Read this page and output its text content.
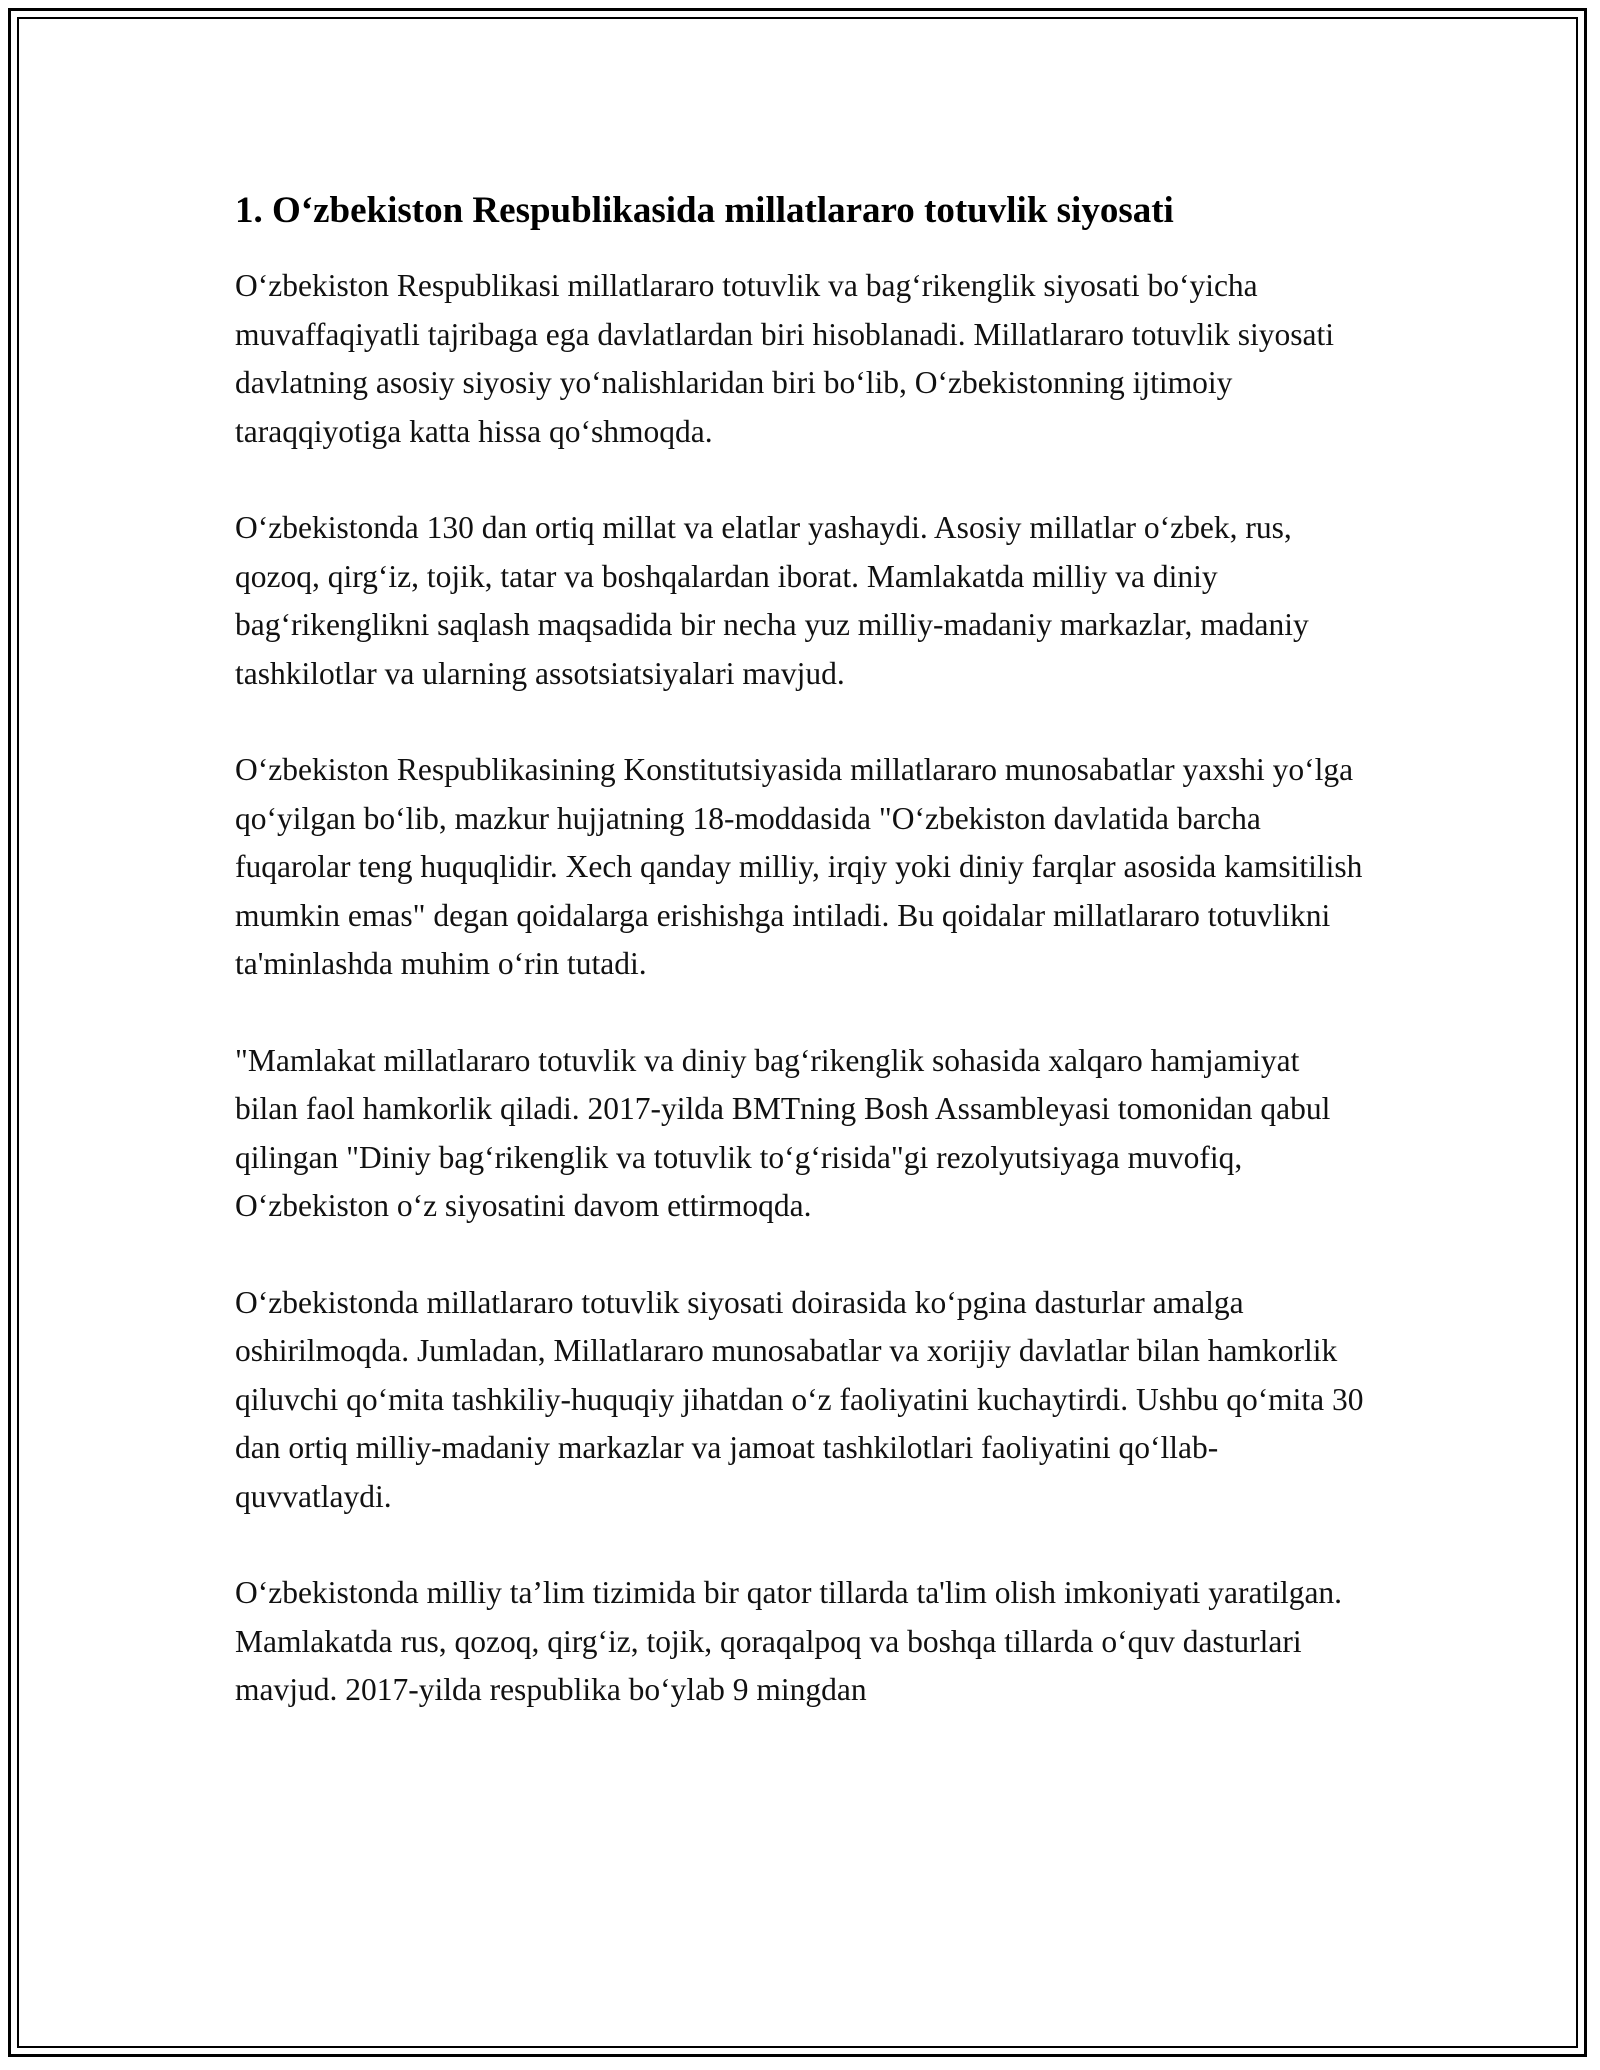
1. O‘zbekiston Respublikasida millatlararo totuvlik siyosati

O‘zbekiston Respublikasi millatlararo totuvlik va bag‘rikenglik siyosati bo‘yicha muvaffaqiyatli tajribaga ega davlatlardan biri hisoblanadi. Millatlararo totuvlik siyosati davlatning asosiy siyosiy yo‘nalishlaridan biri bo‘lib, O‘zbekistonning ijtimoiy taraqqiyotiga katta hissa qo‘shmoqda.

O‘zbekistonda 130 dan ortiq millat va elatlar yashaydi. Asosiy millatlar o‘zbek, rus, qozoq, qirg‘iz, tojik, tatar va boshqalardan iborat. Mamlakatda milliy va diniy bag‘rikenglikni saqlash maqsadida bir necha yuz milliy-madaniy markazlar, madaniy tashkilotlar va ularning assotsiatsiyalari mavjud.

O‘zbekiston Respublikasining Konstitutsiyasida millatlararo munosabatlar yaxshi yo‘lga qo‘yilgan bo‘lib, mazkur hujjatning 18-moddasida "O‘zbekiston davlatida barcha fuqarolar teng huquqlidir. Xech qanday milliy, irqiy yoki diniy farqlar asosida kamsitilish mumkin emas" degan qoidalarga erishishga intiladi. Bu qoidalar millatlararo totuvlikni ta'minlashda muhim o‘rin tutadi.

"Mamlakat millatlararo totuvlik va diniy bag‘rikenglik sohasida xalqaro hamjamiyat bilan faol hamkorlik qiladi. 2017-yilda BMTning Bosh Assambleyasi tomonidan qabul qilingan "Diniy bag‘rikenglik va totuvlik to‘g‘risida"gi rezolyutsiyaga muvofiq, O‘zbekiston o‘z siyosatini davom ettirmoqda.

O‘zbekistonda millatlararo totuvlik siyosati doirasida ko‘pgina dasturlar amalga oshirilmoqda. Jumladan, Millatlararo munosabatlar va xorijiy davlatlar bilan hamkorlik qiluvchi qo‘mita tashkiliy-huquqiy jihatdan o‘z faoliyatini kuchaytirdi. Ushbu qo‘mita 30 dan ortiq milliy-madaniy markazlar va jamoat tashkilotlari faoliyatini qo‘llab-quvvatlaydi.

O‘zbekistonda milliy ta’lim tizimida bir qator tillarda ta'lim olish imkoniyati yaratilgan. Mamlakatda rus, qozoq, qirg‘iz, tojik, qoraqalpoq va boshqa tillarda o‘quv dasturlari mavjud. 2017-yilda respublika bo‘ylab 9 mingdan
